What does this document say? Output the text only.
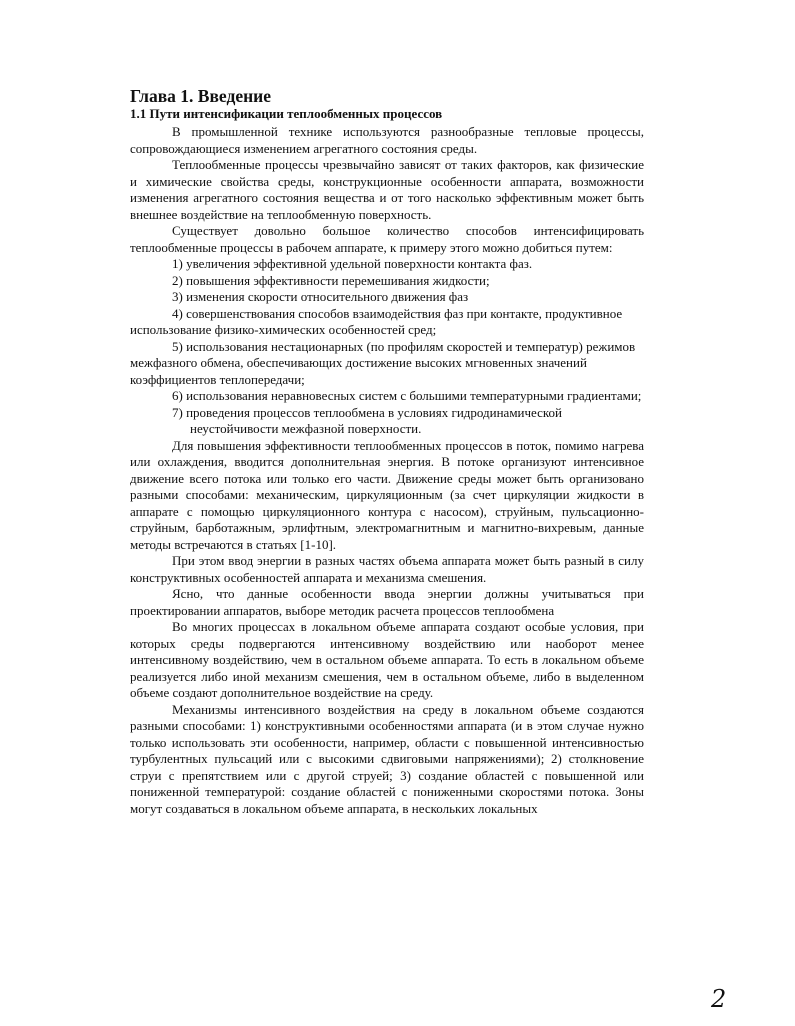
Глава 1. Введение
1.1 Пути интенсификации теплообменных процессов

В промышленной технике используются разнообразные тепловые процессы, сопровождающиеся изменением агрегатного состояния среды.

Теплообменные процессы чрезвычайно зависят от таких факторов, как физические и химические свойства среды, конструкционные особенности аппарата, возможности изменения агрегатного состояния вещества и от того насколько эффективным может быть внешнее воздействие на теплообменную поверхность.

Существует довольно большое количество способов интенсифицировать теплообменные процессы в рабочем аппарате, к примеру этого можно добиться путем:

1) увеличения эффективной удельной поверхности контакта фаз.
2) повышения эффективности перемешивания жидкости;
3) изменения скорости относительного движения фаз
4) совершенствования способов взаимодействия фаз при контакте, продуктивное использование физико-химических особенностей сред;
5) использования нестационарных (по профилям скоростей и температур) режимов межфазного обмена, обеспечивающих достижение высоких мгновенных значений коэффициентов теплопередачи;
6) использования неравновесных систем с большими температурными градиентами;
7) проведения процессов теплообмена в условиях гидродинамической неустойчивости межфазной поверхности.

Для повышения эффективности теплообменных процессов в поток, помимо нагрева или охлаждения, вводится дополнительная энергия. В потоке организуют интенсивное движение всего потока или только его части. Движение среды может быть организовано разными способами: механическим, циркуляционным (за счет циркуляции жидкости в аппарате с помощью циркуляционного контура с насосом), струйным, пульсационно-струйным, барботажным, эрлифтным, электромагнитным и магнитно-вихревым, данные методы встречаются в статьях [1-10].

При этом ввод энергии в разных частях объема аппарата может быть разный в силу конструктивных особенностей аппарата и механизма смешения.

Ясно, что данные особенности ввода энергии должны учитываться при проектировании аппаратов, выборе методик расчета процессов теплообмена

Во многих процессах в локальном объеме аппарата создают особые условия, при которых среды подвергаются интенсивному воздействию или наоборот менее интенсивному воздействию, чем в остальном объеме аппарата. То есть в локальном объеме реализуется либо иной механизм смешения, чем в остальном объеме, либо в выделенном объеме создают дополнительное воздействие на среду.

Механизмы интенсивного воздействия на среду в локальном объеме создаются разными способами: 1) конструктивными особенностями аппарата (и в этом случае нужно только использовать эти особенности, например, области с повышенной интенсивностью турбулентных пульсаций или с высокими сдвиговыми напряжениями); 2) столкновение струи с препятствием или с другой струей; 3) создание областей с повышенной или пониженной температурой: создание областей с пониженными скоростями потока. Зоны могут создаваться в локальном объеме аппарата, в нескольких локальных

2
